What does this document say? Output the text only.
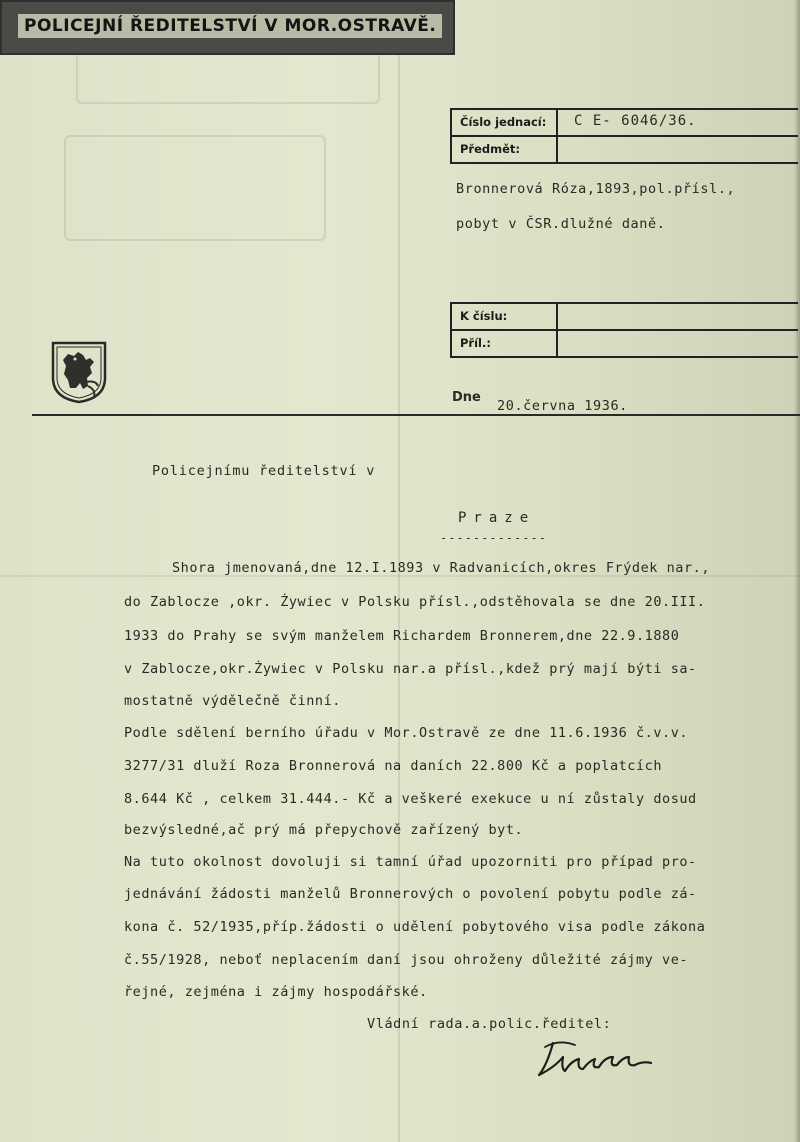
POLICEJNÍ ŘEDITELSTVÍ V MOR.OSTRAVĚ.
Číslo jednací:	C E- 6046/36.
Předmět:
Bronnerová Róza,1893,pol.přísl.,
pobyt v ČSR.dlužné daně.
K číslu:
Příl.:
Dne
20.června 1936.
Policejnímu ředitelství v
Praze
-------------
Shora jmenovaná,dne 12.I.1893 v Radvanicích,okres Frýdek nar.,
do Zablocze ,okr. Żywiec v Polsku přísl.,odstěhovala se dne 20.III.
1933 do Prahy se svým manželem Richardem Bronnerem,dne 22.9.1880
v Zablocze,okr.Żywiec v Polsku nar.a přísl.,kdež prý mají býti sa-
mostatně výdělečně činní.
Podle sdělení berního úřadu v Mor.Ostravě ze dne 11.6.1936 č.v.v.
3277/31 dluží Roza Bronnerová na daních 22.800 Kč a poplatcích
8.644 Kč , celkem 31.444.- Kč a veškeré exekuce u ní zůstaly dosud
bezvýsledné,ač prý má přepychově zařízený byt.
Na tuto okolnost dovoluji si tamní úřad upozorniti pro případ pro-
jednávání žádosti manželů Bronnerových o povolení pobytu podle zá-
kona č. 52/1935,příp.žádosti o udělení pobytového visa podle zákona
č.55/1928, neboť neplacením daní jsou ohroženy důležité zájmy ve-
řejné, zejména i zájmy hospodářské.
Vládní rada.a.polic.ředitel:
